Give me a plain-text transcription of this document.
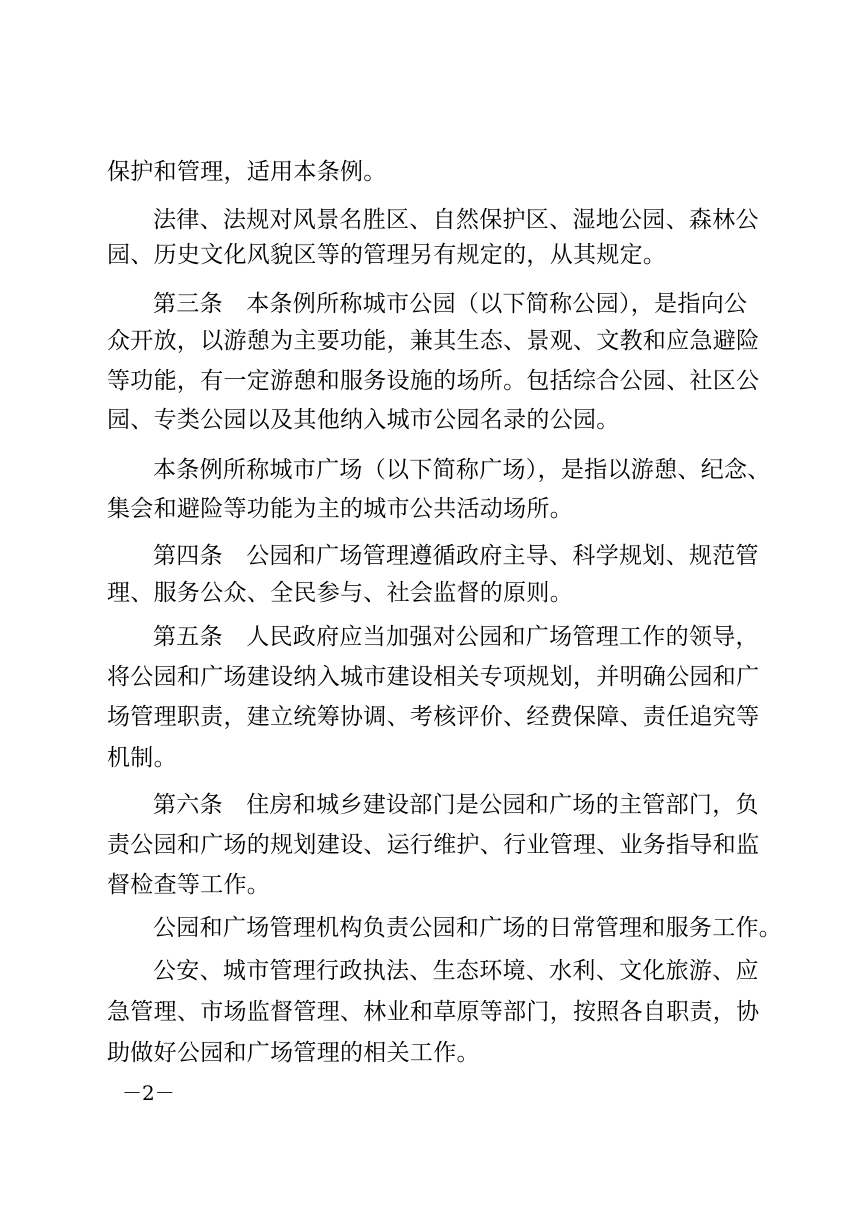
保护和管理，适用本条例。
法律、法规对风景名胜区、自然保护区、湿地公园、森林公
园、历史文化风貌区等的管理另有规定的，从其规定。
第三条　本条例所称城市公园（以下简称公园），是指向公
众开放，以游憩为主要功能，兼其生态、景观、文教和应急避险
等功能，有一定游憩和服务设施的场所。包括综合公园、社区公
园、专类公园以及其他纳入城市公园名录的公园。
本条例所称城市广场（以下简称广场），是指以游憩、纪念、
集会和避险等功能为主的城市公共活动场所。
第四条　公园和广场管理遵循政府主导、科学规划、规范管
理、服务公众、全民参与、社会监督的原则。
第五条　人民政府应当加强对公园和广场管理工作的领导，
将公园和广场建设纳入城市建设相关专项规划，并明确公园和广
场管理职责，建立统筹协调、考核评价、经费保障、责任追究等
机制。
第六条　住房和城乡建设部门是公园和广场的主管部门，负
责公园和广场的规划建设、运行维护、行业管理、业务指导和监
督检查等工作。
公园和广场管理机构负责公园和广场的日常管理和服务工作。
公安、城市管理行政执法、生态环境、水利、文化旅游、应
急管理、市场监督管理、林业和草原等部门，按照各自职责，协
助做好公园和广场管理的相关工作。
－2－
